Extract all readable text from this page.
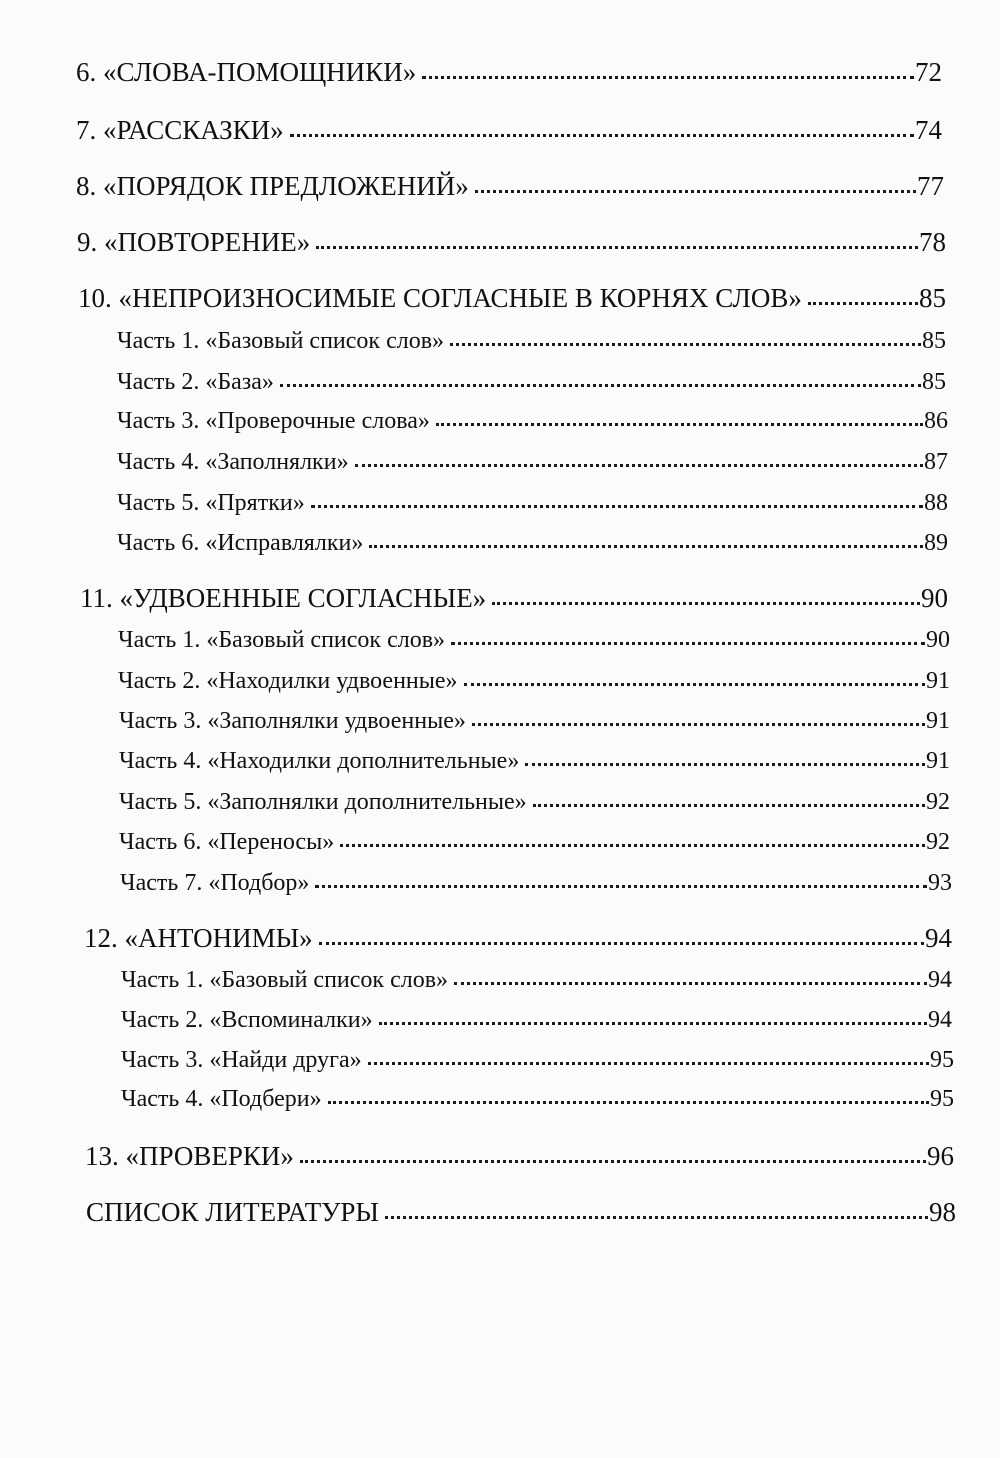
6. «СЛОВА-ПОМОЩНИКИ»	72
7. «РАССКАЗКИ»	74
8. «ПОРЯДОК ПРЕДЛОЖЕНИЙ»	77
9. «ПОВТОРЕНИЕ»	78
10. «НЕПРОИЗНОСИМЫЕ СОГЛАСНЫЕ В КОРНЯХ СЛОВ»	85
Часть 1. «Базовый список слов»	85
Часть 2. «База»	85
Часть 3. «Проверочные слова»	86
Часть 4. «Заполнялки»	87
Часть 5. «Прятки»	88
Часть 6. «Исправлялки»	89
11. «УДВОЕННЫЕ СОГЛАСНЫЕ»	90
Часть 1. «Базовый список слов»	90
Часть 2. «Находилки удвоенные»	91
Часть 3. «Заполнялки удвоенные»	91
Часть 4. «Находилки дополнительные»	91
Часть 5. «Заполнялки дополнительные»	92
Часть 6. «Переносы»	92
Часть 7. «Подбор»	93
12. «АНТОНИМЫ»	94
Часть 1. «Базовый список слов»	94
Часть 2. «Вспоминалки»	94
Часть 3. «Найди друга»	95
Часть 4. «Подбери»	95
13. «ПРОВЕРКИ»	96
СПИСОК ЛИТЕРАТУРЫ	98
